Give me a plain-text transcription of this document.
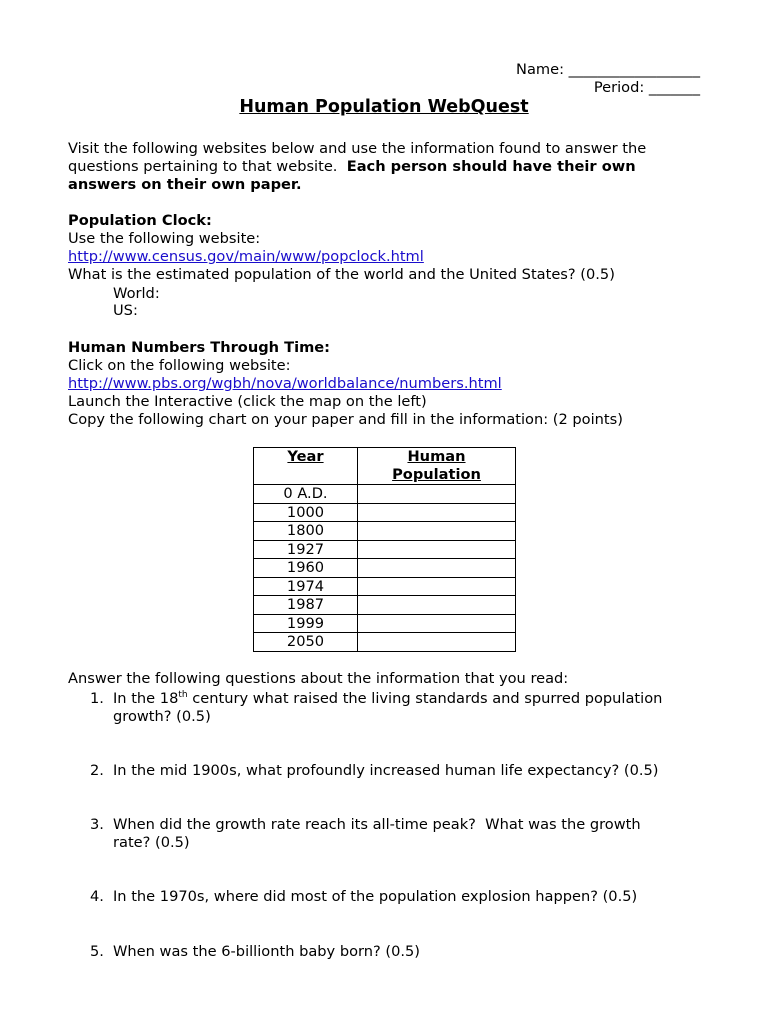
Name: __________________
Period: _______
Human Population WebQuest
Visit the following websites below and use the information found to answer the
questions pertaining to that website.  Each person should have their own
answers on their own paper.
Population Clock:
Use the following website:
http://www.census.gov/main/www/popclock.html
What is the estimated population of the world and the United States? (0.5)
World:
US:
Human Numbers Through Time:
Click on the following website:
http://www.pbs.org/wgbh/nova/worldbalance/numbers.html
Launch the Interactive (click the map on the left)
Copy the following chart on your paper and fill in the information: (2 points)
Year	Human
Population
0 A.D.	
1000	
1800	
1927	
1960	
1974	
1987	
1999	
2050	
Answer the following questions about the information that you read:
1. In the 18th century what raised the living standards and spurred population
growth? (0.5)
2. In the mid 1900s, what profoundly increased human life expectancy? (0.5)
3. When did the growth rate reach its all-time peak?  What was the growth
rate? (0.5)
4. In the 1970s, where did most of the population explosion happen? (0.5)
5. When was the 6-billionth baby born? (0.5)
